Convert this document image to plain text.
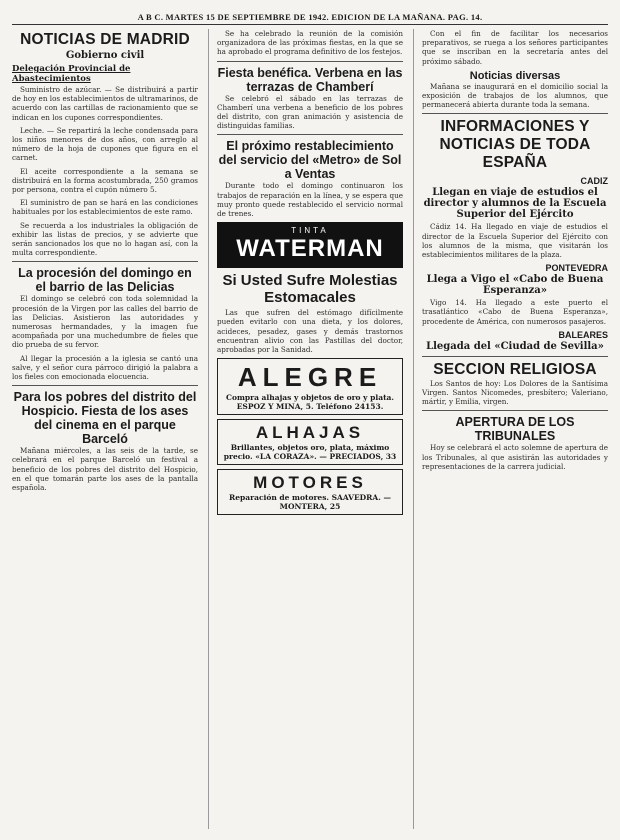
A B C. MARTES 15 DE SEPTIEMBRE DE 1942. EDICION DE LA MAÑANA. PAG. 14.
NOTICIAS DE MADRID
Gobierno civil
Delegación Provincial de Abastecimientos

Suministro de azúcar. — Se distribuirá a partir de hoy en los establecimientos de ultramarinos, de acuerdo con las cartillas de racionamiento que se indican en los cupones correspondientes.

Leche. — Se repartirá la leche condensada para los niños menores de dos años, con arreglo al número de la hoja de cupones que figura en el carnet.

El aceite correspondiente a la semana se distribuirá en la forma acostumbrada, 250 gramos por persona, contra el cupón número 5.

El suministro de pan se hará en las condiciones habituales por los establecimientos de este ramo.

Se recuerda a los industriales la obligación de exhibir las listas de precios, y se advierte que serán sancionados los que no lo hagan así, con la multa correspondiente.

La procesión del domingo en el barrio de las Delicias

El domingo se celebró con toda solemnidad la procesión de la Virgen por las calles del barrio de las Delicias. Asistieron las autoridades y numerosas hermandades, y la imagen fue acompañada por una muchedumbre de fieles que dio prueba de su fervor.

Al llegar la procesión a la iglesia se cantó una salve, y el señor cura párroco dirigió la palabra a los fieles con emocionada elocuencia.

Para los pobres del distrito del Hospicio. Fiesta de los ases del cinema en el parque Barceló

Mañana miércoles, a las seis de la tarde, se celebrará en el parque Barceló un festival a beneficio de los pobres del distrito del Hospicio, en el que tomarán parte los ases de la pantalla española.

Se ha celebrado la reunión de la comisión organizadora de las próximas fiestas, en la que se ha aprobado el programa definitivo de los festejos.

Fiesta benéfica. Verbena en las terrazas de Chamberí

Se celebró el sábado en las terrazas de Chamberí una verbena a beneficio de los pobres del distrito, con gran animación y asistencia de distinguidas familias.

El próximo restablecimiento del servicio del «Metro» de Sol a Ventas

Durante todo el domingo continuaron los trabajos de reparación en la línea, y se espera que muy pronto quede restablecido el servicio normal de trenes.

TINTA
WATERMAN
Si Usted Sufre Molestias Estomacales

Las que sufren del estómago difícilmente pueden evitarlo con una dieta, y los dolores, acideces, pesadez, gases y demás trastornos encuentran alivio con las Pastillas del doctor, aprobadas por la Sanidad.

ALEGRE
Compra alhajas y objetos de oro y plata. ESPOZ Y MINA, 5. Teléfono 24153.
ALHAJAS
Brillantes, objetos oro, plata, máximo precio. «LA CORAZA». — PRECIADOS, 33
MOTORES
Reparación de motores. SAAVEDRA. — MONTERA, 25

Con el fin de facilitar los necesarios preparativos, se ruega a los señores participantes que se inscriban en la secretaría antes del próximo sábado.

Noticias diversas

Mañana se inaugurará en el domicilio social la exposición de trabajos de los alumnos, que permanecerá abierta durante toda la semana.

INFORMACIONES Y NOTICIAS DE TODA ESPAÑA
CADIZ
Llegan en viaje de estudios el director y alumnos de la Escuela Superior del Ejército

Cádiz 14. Ha llegado en viaje de estudios el director de la Escuela Superior del Ejército con los alumnos de la misma, que visitarán los establecimientos militares de la plaza.

PONTEVEDRA
Llega a Vigo el «Cabo de Buena Esperanza»

Vigo 14. Ha llegado a este puerto el trasatlántico «Cabo de Buena Esperanza», procedente de América, con numerosos pasajeros.

BALEARES
Llegada del «Ciudad de Sevilla»
SECCION RELIGIOSA

Los Santos de hoy: Los Dolores de la Santísima Virgen. Santos Nicomedes, presbítero; Valeriano, mártir, y Emilia, virgen.

APERTURA DE LOS TRIBUNALES

Hoy se celebrará el acto solemne de apertura de los Tribunales, al que asistirán las autoridades y representaciones de la carrera judicial.
